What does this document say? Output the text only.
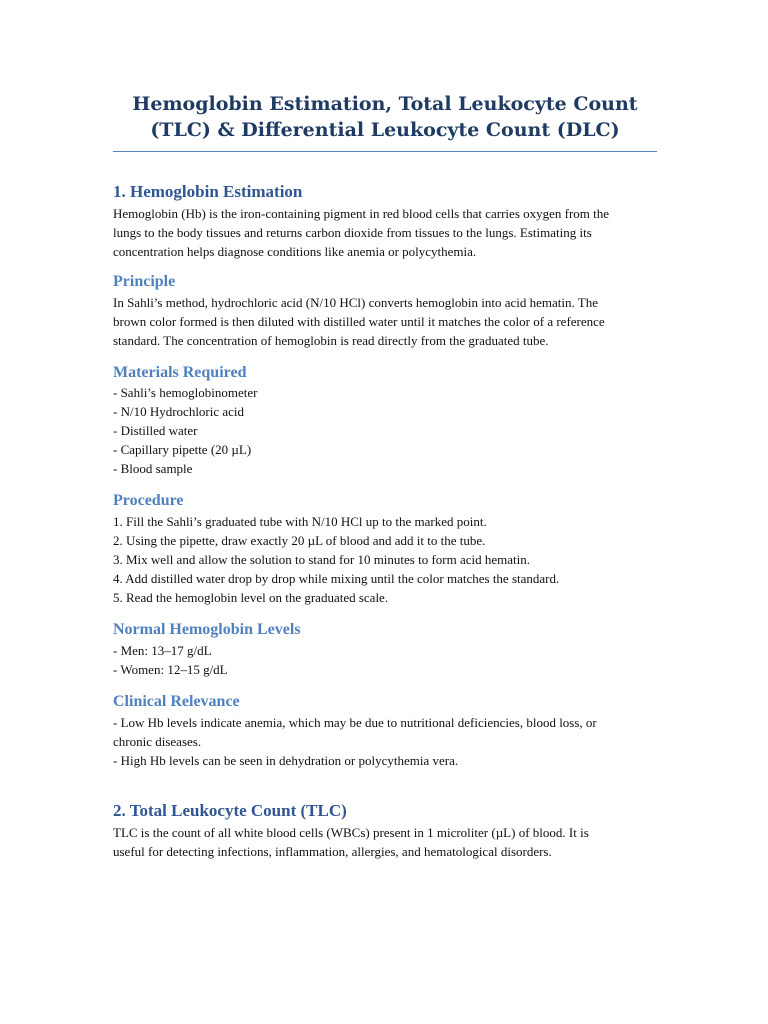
Hemoglobin Estimation, Total Leukocyte Count
(TLC) & Differential Leukocyte Count (DLC)
1. Hemoglobin Estimation
Hemoglobin (Hb) is the iron-containing pigment in red blood cells that carries oxygen from the
lungs to the body tissues and returns carbon dioxide from tissues to the lungs. Estimating its
concentration helps diagnose conditions like anemia or polycythemia.
Principle
In Sahli’s method, hydrochloric acid (N/10 HCl) converts hemoglobin into acid hematin. The
brown color formed is then diluted with distilled water until it matches the color of a reference
standard. The concentration of hemoglobin is read directly from the graduated tube.
Materials Required
- Sahli’s hemoglobinometer
- N/10 Hydrochloric acid
- Distilled water
- Capillary pipette (20 µL)
- Blood sample
Procedure
1. Fill the Sahli’s graduated tube with N/10 HCl up to the marked point.
2. Using the pipette, draw exactly 20 µL of blood and add it to the tube.
3. Mix well and allow the solution to stand for 10 minutes to form acid hematin.
4. Add distilled water drop by drop while mixing until the color matches the standard.
5. Read the hemoglobin level on the graduated scale.
Normal Hemoglobin Levels
- Men: 13–17 g/dL
- Women: 12–15 g/dL
Clinical Relevance
- Low Hb levels indicate anemia, which may be due to nutritional deficiencies, blood loss, or
chronic diseases.
- High Hb levels can be seen in dehydration or polycythemia vera.
2. Total Leukocyte Count (TLC)
TLC is the count of all white blood cells (WBCs) present in 1 microliter (µL) of blood. It is
useful for detecting infections, inflammation, allergies, and hematological disorders.
